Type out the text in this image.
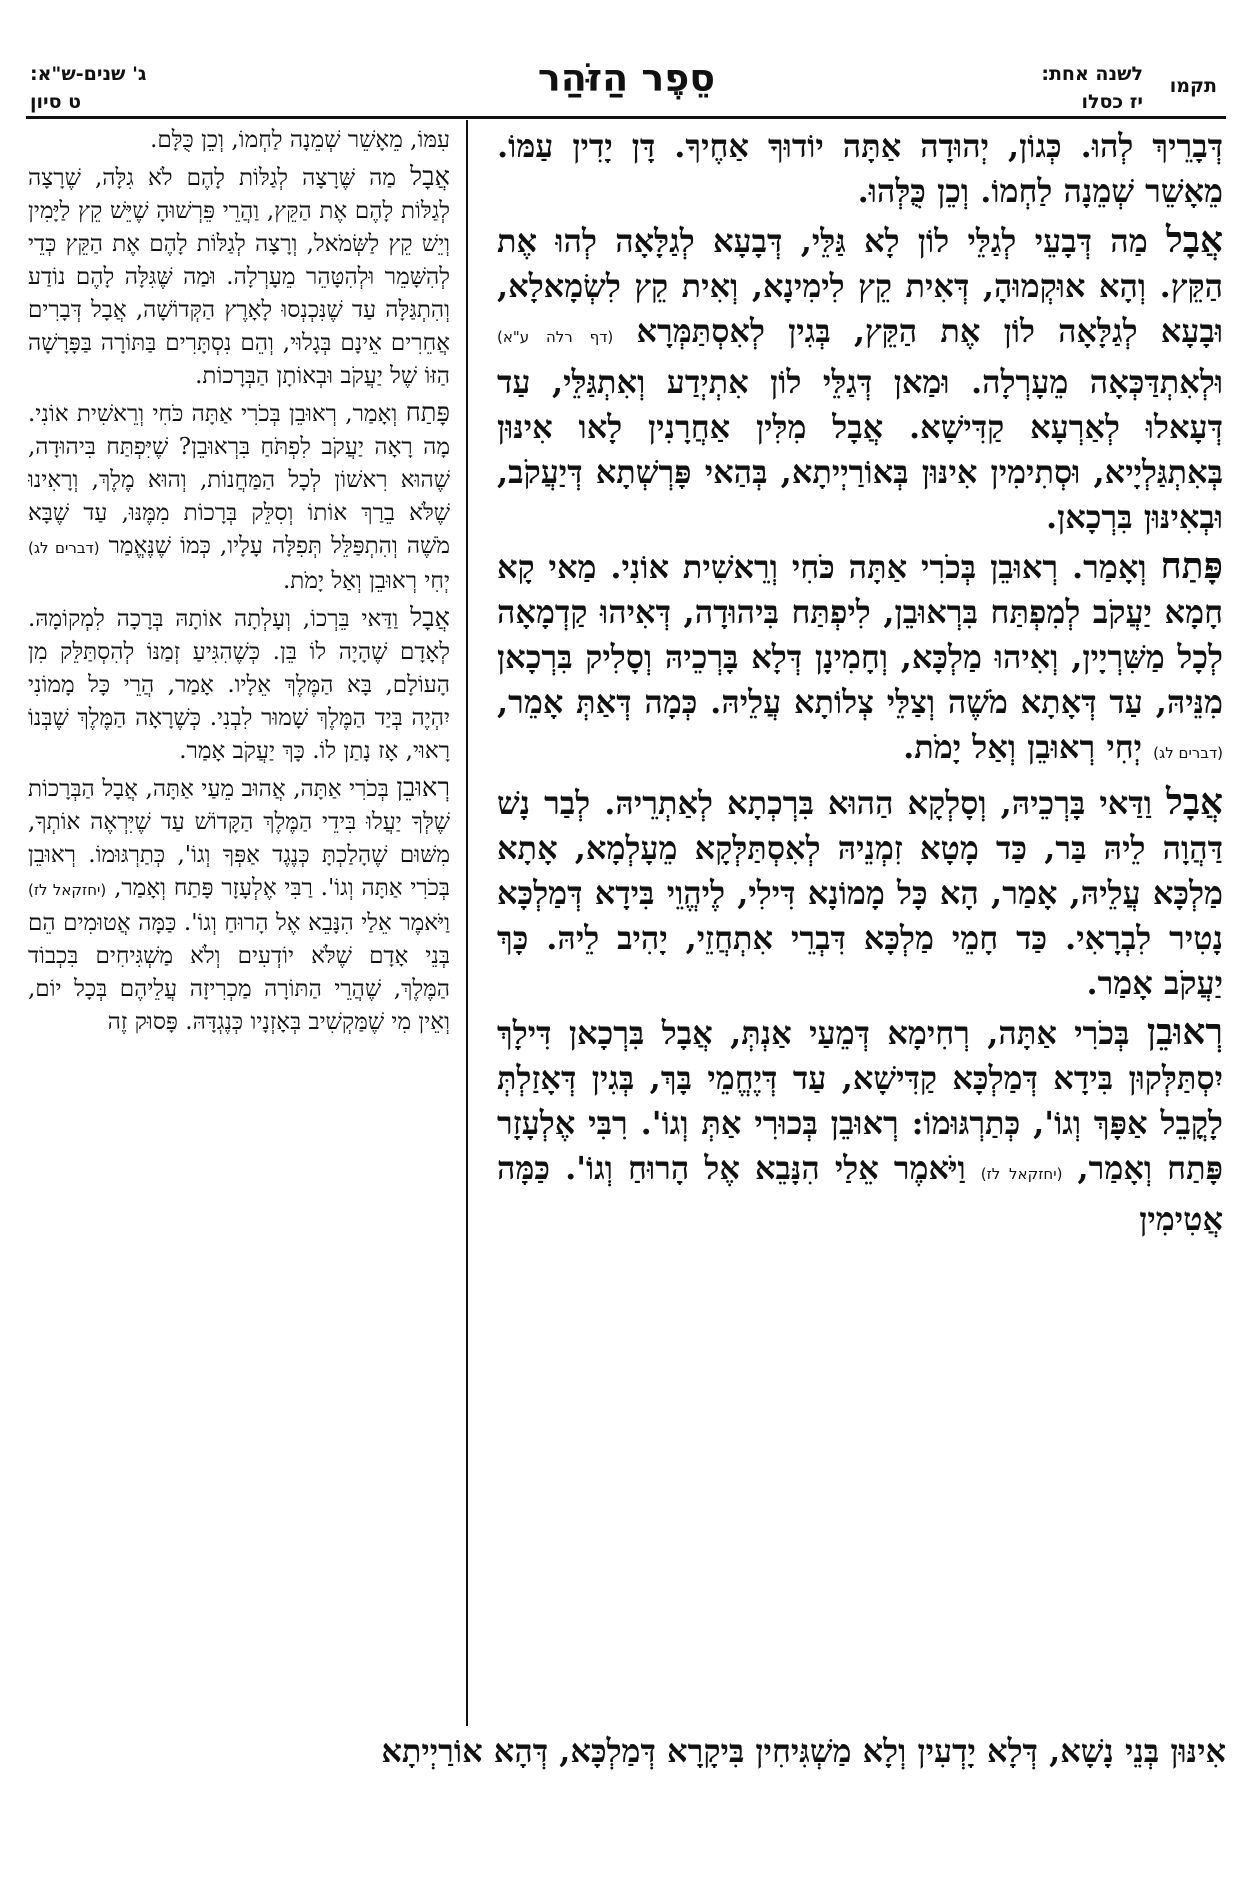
תקמו
לשנה אחת:
יז כסלו
סֵפֶר הַזֹּהַר
ג' שנים-ש"א:
ט סיון

דְּבָרֵיךְ לְהוּ. כְּגוֹן, יְהוּדָה אַתָּה יוֹדוּךָ אַחֶיךָ. דָּן יָדִין עַמּוֹ. מֵאָשֵׁר שְׁמֵנָה לַחְמוֹ. וְכֵן כֻּלְּהוּ.

אֲבָל מַה דְּבָעֵי לְגַלֵּי לוֹן לָא גַּלֵּי, דְּבָעָא לְגַלָּאָה לְהוּ אֶת הַקֵּץ. וְהָא אוּקְמוּהָ, דְּאִית קֵץ לִימִינָא, וְאִית קֵץ לִשְׂמָאלָא, וּבָעָא לְגַלָּאָה לוֹן אֶת הַקֵּץ, בְּגִין לְאִסְתַּמְּרָא (דף רלה ע"א) וּלְאִתְדַּכְּאָה מֵעָרְלָה. וּמַאן דְּגַלֵּי לוֹן אִתְיְדַע וְאִתְגַּלֵּי, עַד דְּעָאלוּ לְאַרְעָא קַדִּישָׁא. אֲבָל מִלִּין אַחֲרָנִין לָאו אִינּוּן בְּאִתְגַּלְיָיא, וּסְתִימִין אִינּוּן בְּאוֹרַיְיתָא, בְּהַאי פָּרְשְׁתָא דְּיַעֲקֹב, וּבְאִינּוּן בִּרְכָאן.

פָּתַח וְאָמַר. רְאוּבֵן בְּכֹרִי אַתָּה כֹּחִי וְרֵאשִׁית אוֹנִי. מַאי קָא חָמָא יַעֲקֹב לְמִפְתַּח בִּרְאוּבֵן, לִיפְתַּח בִּיהוּדָה, דְּאִיהוּ קַדְמָאָה לְכָל מַשִּׁרְיָין, וְאִיהוּ מַלְכָּא, וְחָמִינָן דְּלָא בָּרְכֵיהּ וְסָלִיק בִּרְכָאן מִנֵּיהּ, עַד דְּאָתָא מֹשֶׁה וְצַלֵּי צְלוֹתָא עֲלֵיהּ. כְּמָה דְּאַתְּ אָמֵר, (דברים לג) יְחִי רְאוּבֵן וְאַל יָמֹת.

אֲבָל וַדַּאי בָּרְכֵיהּ, וְסָלְקָא הַהוּא בִּרְכְתָא לְאַתְרֵיהּ. לְבַר נָשׁ דַּהֲוָה לֵיהּ בַּר, כַּד מָטָא זִמְנֵיהּ לְאִסְתַּלְּקָא מֵעָלְמָא, אָתָא מַלְכָּא עֲלֵיהּ, אָמַר, הָא כָּל מָמוֹנָא דִּילִי, לֶיהֱוֵי בִּידָא דְּמַלְכָּא נָטִיר לִבְרָאִי. כַּד חָמֵי מַלְכָּא דִּבְרֵי אִתְחֲזֵי, יָהִיב לֵיהּ. כָּךְ יַעֲקֹב אָמַר.

רְאוּבֵן בְּכֹרִי אַתָּה, רְחִימָא דְּמֵעַי אַנְתְּ, אֲבָל בִּרְכָאן דִּילָךְ יִסְתַּלְּקוּן בִּידָא דְּמַלְכָּא קַדִּישָׁא, עַד דְּיֶחֱמֵי בָּךְ, בְּגִין דְּאָזַלְתְּ לָקֳבֵל אַפָּךְ וְגוֹ', כְּתַרְגּוּמוֹ: רְאוּבֵן בְּכוּרִי אַתְּ וְגוֹ'. רִבִּי אֶלְעָזָר פָּתַח וְאָמַר, (יחזקאל לז) וַיֹּאמֶר אֵלַי הִנָּבֵא אֶל הָרוּחַ וְגוֹ'. כַּמָּה אֲטִימִין

עִמּוֹ, מֵאָשֵׁר שְׁמֵנָה לַחְמוֹ, וְכֵן כֻּלָּם.

אֲבָל מַה שֶּׁרָצָה לְגַלּוֹת לָהֶם לֹא גִלָּה, שֶׁרָצָה לְגַלּוֹת לָהֶם אֶת הַקֵּץ, וַהֲרֵי פֵּרְשׁוּהָ שֶׁיֵּשׁ קֵץ לַיָּמִין וְיֵשׁ קֵץ לַשְּׂמֹאל, וְרָצָה לְגַלּוֹת לָהֶם אֶת הַקֵּץ כְּדֵי לְהִשָּׁמֵר וּלְהִטָּהֵר מֵעָרְלָה. וּמַה שֶּׁגִּלָּה לָהֶם נוֹדַע וְהִתְגַּלָּה עַד שֶׁנִּכְנְסוּ לָאָרֶץ הַקְּדוֹשָׁה, אֲבָל דְּבָרִים אֲחֵרִים אֵינָם בְּגָלוּי, וְהֵם נִסְתָּרִים בַּתּוֹרָה בַּפָּרָשָׁה הַזּוֹ שֶׁל יַעֲקֹב וּבְאוֹתָן הַבְּרָכוֹת.

פָּתַח וְאָמַר, רְאוּבֵן בְּכֹרִי אַתָּה כֹּחִי וְרֵאשִׁית אוֹנִי. מָה רָאָה יַעֲקֹב לִפְתֹּחַ בִּרְאוּבֵן? שֶׁיִּפְתַּח בִּיהוּדָה, שֶׁהוּא רִאשׁוֹן לְכָל הַמַּחֲנוֹת, וְהוּא מֶלֶךְ, וְרָאִינוּ שֶׁלֹּא בֵרַךְ אוֹתוֹ וְסִלֵּק בְּרָכוֹת מִמֶּנּוּ, עַד שֶׁבָּא מֹשֶׁה וְהִתְפַּלֵּל תְּפִלָּה עָלָיו, כְּמוֹ שֶׁנֶּאֱמַר (דברים לג) יְחִי רְאוּבֵן וְאַל יָמֹת.

אֲבָל וַדַּאי בֵּרְכוֹ, וְעָלְתָה אוֹתָהּ בְּרָכָה לִמְקוֹמָהּ. לְאָדָם שֶׁהָיָה לוֹ בֵּן. כְּשֶׁהִגִּיעַ זְמַנּוֹ לְהִסְתַּלֵּק מִן הָעוֹלָם, בָּא הַמֶּלֶךְ אֵלָיו. אָמַר, הֲרֵי כָּל מָמוֹנִי יִהְיֶה בְּיַד הַמֶּלֶךְ שָׁמוּר לִבְנִי. כְּשֶׁרָאָה הַמֶּלֶךְ שֶׁבְּנוֹ רָאוּי, אָז נָתַן לוֹ. כָּךְ יַעֲקֹב אָמַר.

רְאוּבֵן בְּכֹרִי אַתָּה, אֲהוּב מֵעַי אַתָּה, אֲבָל הַבְּרָכוֹת שֶׁלְּךָ יַעֲלוּ בִּידֵי הַמֶּלֶךְ הַקָּדוֹשׁ עַד שֶׁיִּרְאֶה אוֹתְךָ, מִשּׁוּם שֶׁהָלַכְתָּ כְּנֶגֶד אַפְּךָ וְגוֹ', כְּתַרְגּוּמוֹ. רְאוּבֵן בְּכֹרִי אַתָּה וְגוֹ'. רַבִּי אֶלְעָזָר פָּתַח וְאָמַר, (יחזקאל לז) וַיֹּאמֶר אֵלַי הִנָּבֵא אֶל הָרוּחַ וְגוֹ'. כַּמָּה אֲטוּמִים הֵם בְּנֵי אָדָם שֶׁלֹּא יוֹדְעִים וְלֹא מַשְׁגִּיחִים בִּכְבוֹד הַמֶּלֶךְ, שֶׁהֲרֵי הַתּוֹרָה מַכְרִיזָה עֲלֵיהֶם בְּכָל יוֹם, וְאֵין מִי שֶׁמַּקְשִׁיב בְּאָזְנָיו כְּנֶגְדָּהּ. פָּסוּק זֶה

אִינּוּן בְּנֵי נָשָׁא, דְּלָא יָדְעִין וְלָא מַשְׁגִּיחִין בִּיקָרָא דְּמַלְכָּא, דְּהָא אוֹרַיְיתָא
